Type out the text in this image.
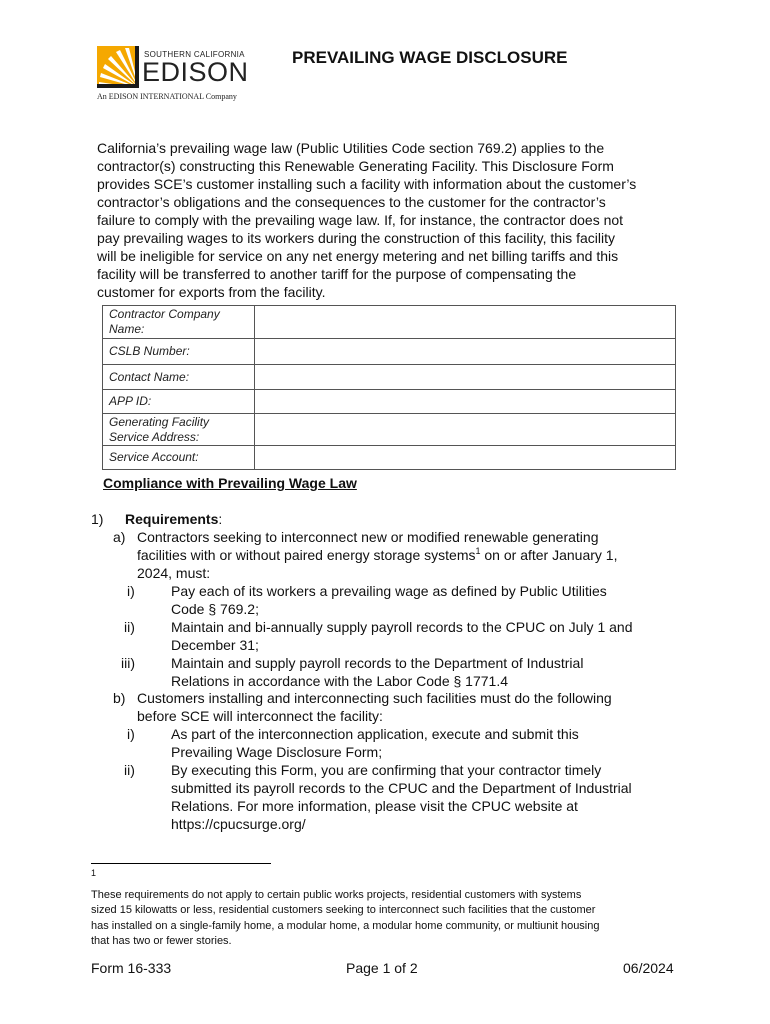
SOUTHERN CALIFORNIA
EDISON
An EDISON INTERNATIONAL Company
PREVAILING WAGE DISCLOSURE
California’s prevailing wage law (Public Utilities Code section 769.2) applies to the
contractor(s) constructing this Renewable Generating Facility. This Disclosure Form
provides SCE’s customer installing such a facility with information about the customer’s
contractor’s obligations and the consequences to the customer for the contractor’s
failure to comply with the prevailing wage law. If, for instance, the contractor does not
pay prevailing wages to its workers during the construction of this facility, this facility
will be ineligible for service on any net energy metering and net billing tariffs and this
facility will be transferred to another tariff for the purpose of compensating the
customer for exports from the facility.
Contractor Company
Name:	
CSLB Number:	
Contact Name:	
APP ID:	
Generating Facility
Service Address:	
Service Account:	
Compliance with Prevailing Wage Law
1) Requirements:
a) Contractors seeking to interconnect new or modified renewable generating
facilities with or without paired energy storage systems$^1$ on or after January 1,
2024, must:
i)	Pay each of its workers a prevailing wage as defined by Public Utilities
Code § 769.2;
ii)	Maintain and bi-annually supply payroll records to the CPUC on July 1 and
December 31;
iii)	Maintain and supply payroll records to the Department of Industrial
Relations in accordance with the Labor Code § 1771.4
b) Customers installing and interconnecting such facilities must do the following
before SCE will interconnect the facility:
i)	As part of the interconnection application, execute and submit this
Prevailing Wage Disclosure Form;
ii)	By executing this Form, you are confirming that your contractor timely
submitted its payroll records to the CPUC and the Department of Industrial
Relations. For more information, please visit the CPUC website at
https://cpucsurge.org/
$^1$
These requirements do not apply to certain public works projects, residential customers with systems
sized 15 kilowatts or less, residential customers seeking to interconnect such facilities that the customer
has installed on a single-family home, a modular home, a modular home community, or multiunit housing
that has two or fewer stories.
Form 16-333	Page 1 of 2	06/2024
